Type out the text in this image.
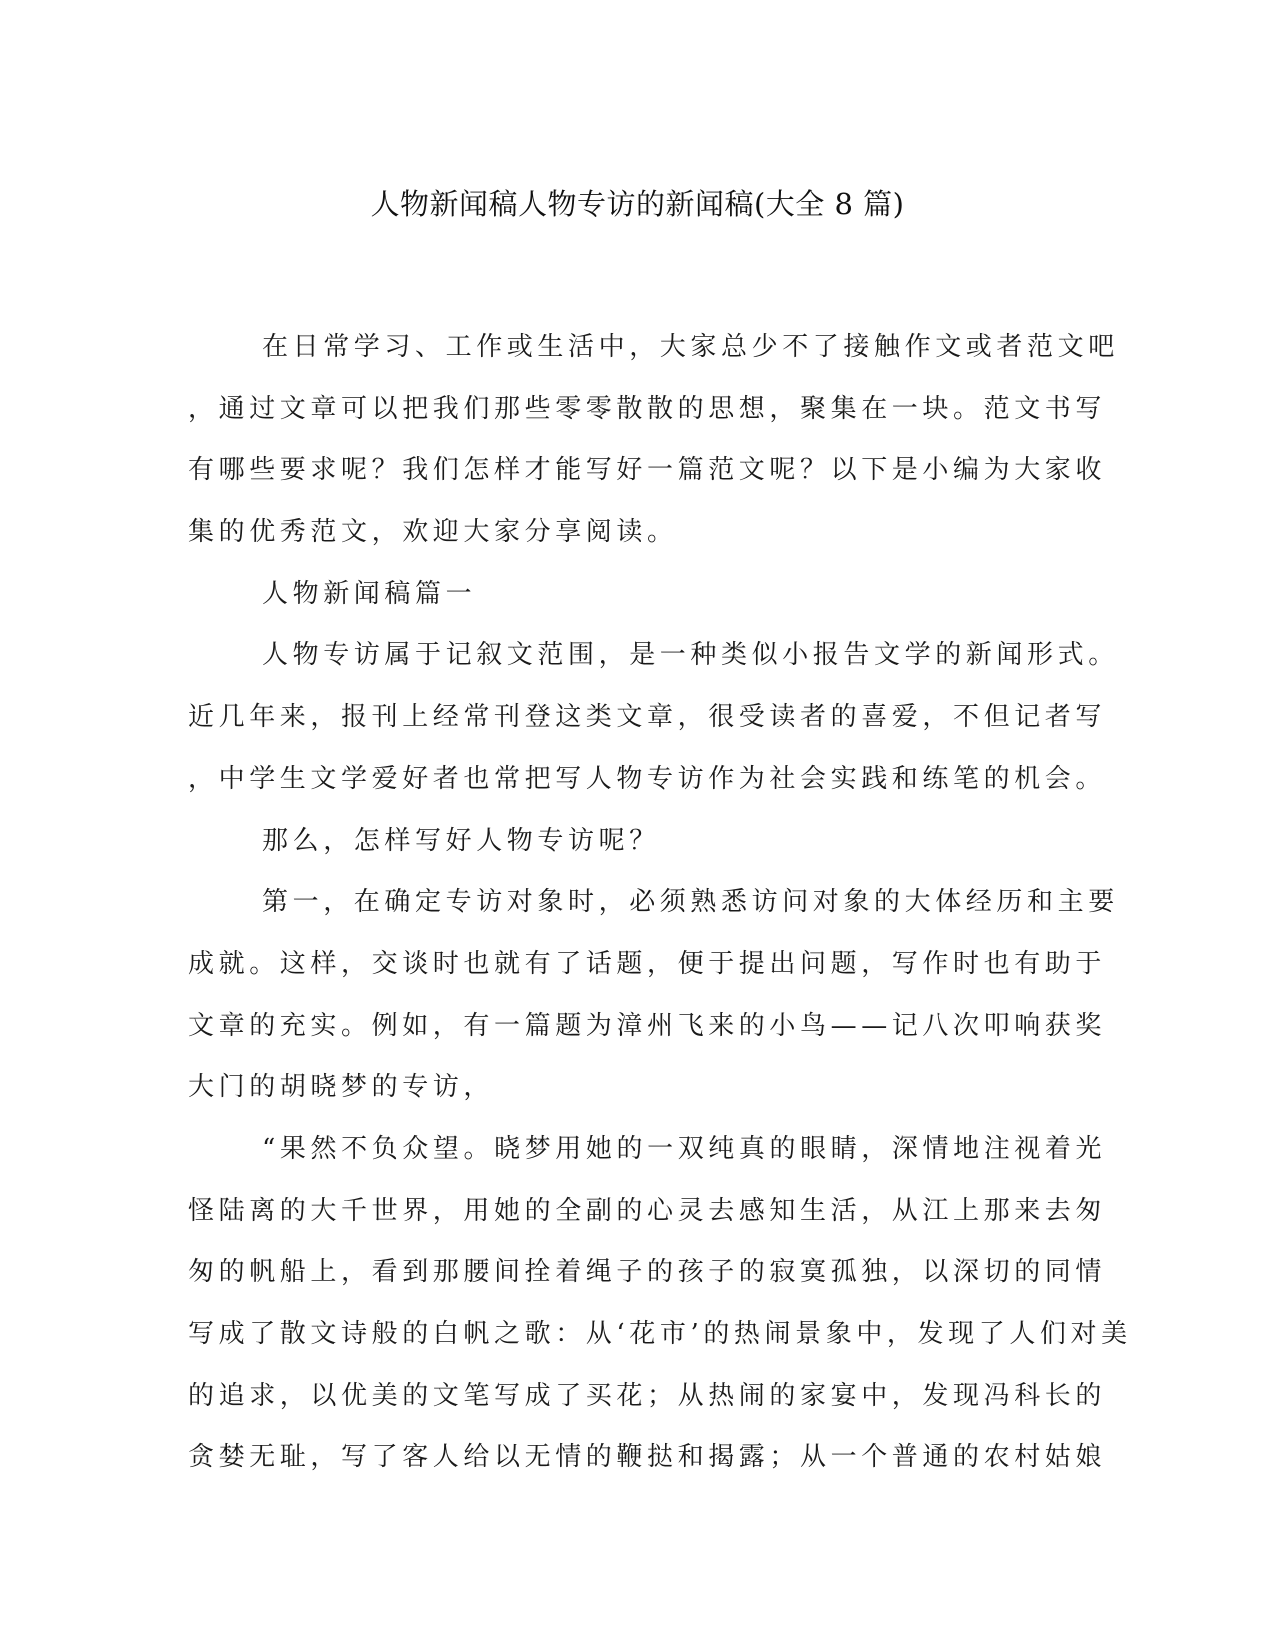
人物新闻稿人物专访的新闻稿(大全 8 篇)
在日常学习、工作或生活中，大家总少不了接触作文或者范文吧
，通过文章可以把我们那些零零散散的思想，聚集在一块。范文书写
有哪些要求呢？我们怎样才能写好一篇范文呢？以下是小编为大家收
集的优秀范文，欢迎大家分享阅读。
人物新闻稿篇一
人物专访属于记叙文范围，是一种类似小报告文学的新闻形式。
近几年来，报刊上经常刊登这类文章，很受读者的喜爱，不但记者写
，中学生文学爱好者也常把写人物专访作为社会实践和练笔的机会。
那么，怎样写好人物专访呢？
第一，在确定专访对象时，必须熟悉访问对象的大体经历和主要
成就。这样，交谈时也就有了话题，便于提出问题，写作时也有助于
文章的充实。例如，有一篇题为漳州飞来的小鸟——记八次叩响获奖
大门的胡晓梦的专访，
“果然不负众望。晓梦用她的一双纯真的眼睛，深情地注视着光
怪陆离的大千世界，用她的全副的心灵去感知生活，从江上那来去匆
匆的帆船上，看到那腰间拴着绳子的孩子的寂寞孤独，以深切的同情
写成了散文诗般的白帆之歌：从‘花市’的热闹景象中，发现了人们对美
的追求，以优美的文笔写成了买花；从热闹的家宴中，发现冯科长的
贪婪无耻，写了客人给以无情的鞭挞和揭露；从一个普通的农村姑娘
